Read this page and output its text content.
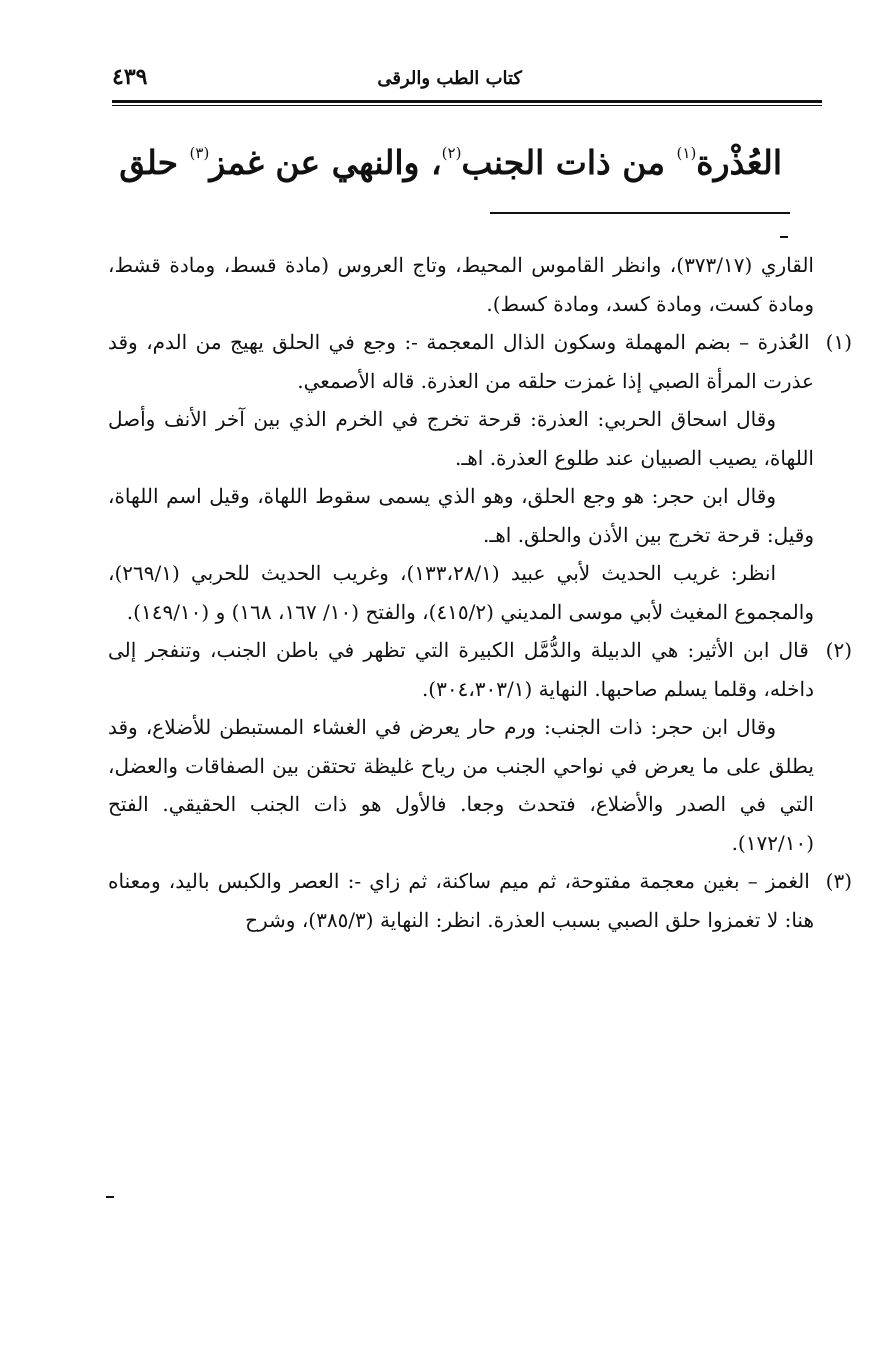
كتاب الطب والرقى
٤٣٩
العُذْرة$^{(١)}$ من ذات الجنب$^{(٢)}$، والنهي عن غمز$^{(٣)}$ حلق

القاري (٣٧٣/١٧)، وانظر القاموس المحيط، وتاج العروس (مادة قسط، ومادة قشط، ومادة كست، ومادة كسد، ومادة كسط).

(١) العُذرة – بضم المهملة وسكون الذال المعجمة -: وجع في الحلق يهيج من الدم، وقد عذرت المرأة الصبي إذا غمزت حلقه من العذرة. قاله الأصمعي.

وقال اسحاق الحربي: العذرة: قرحة تخرج في الخرم الذي بين آخر الأنف وأصل اللهاة، يصيب الصبيان عند طلوع العذرة. اهـ.

وقال ابن حجر: هو وجع الحلق، وهو الذي يسمى سقوط اللهاة، وقيل اسم اللهاة، وقيل: قرحة تخرج بين الأذن والحلق. اهـ.

انظر: غريب الحديث لأبي عبيد (١٣٣،٢٨/١)، وغريب الحديث للحربي (٢٦٩/١)، والمجموع المغيث لأبي موسى المديني (٤١٥/٢)، والفتح (١٠/ ١٦٧، ١٦٨) و (١٤٩/١٠).

(٢) قال ابن الأثير: هي الدبيلة والدُّمَّل الكبيرة التي تظهر في باطن الجنب، وتنفجر إلى داخله، وقلما يسلم صاحبها. النهاية (٣٠٤،٣٠٣/١).

وقال ابن حجر: ذات الجنب: ورم حار يعرض في الغشاء المستبطن للأضلاع، وقد يطلق على ما يعرض في نواحي الجنب من رياح غليظة تحتقن بين الصفاقات والعضل، التي في الصدر والأضلاع، فتحدث وجعا. فالأول هو ذات الجنب الحقيقي. الفتح (١٧٢/١٠).

(٣) الغمز – بغين معجمة مفتوحة، ثم ميم ساكنة، ثم زاي -: العصر والكبس باليد، ومعناه هنا: لا تغمزوا حلق الصبي بسبب العذرة. انظر: النهاية (٣٨٥/٣)، وشرح
